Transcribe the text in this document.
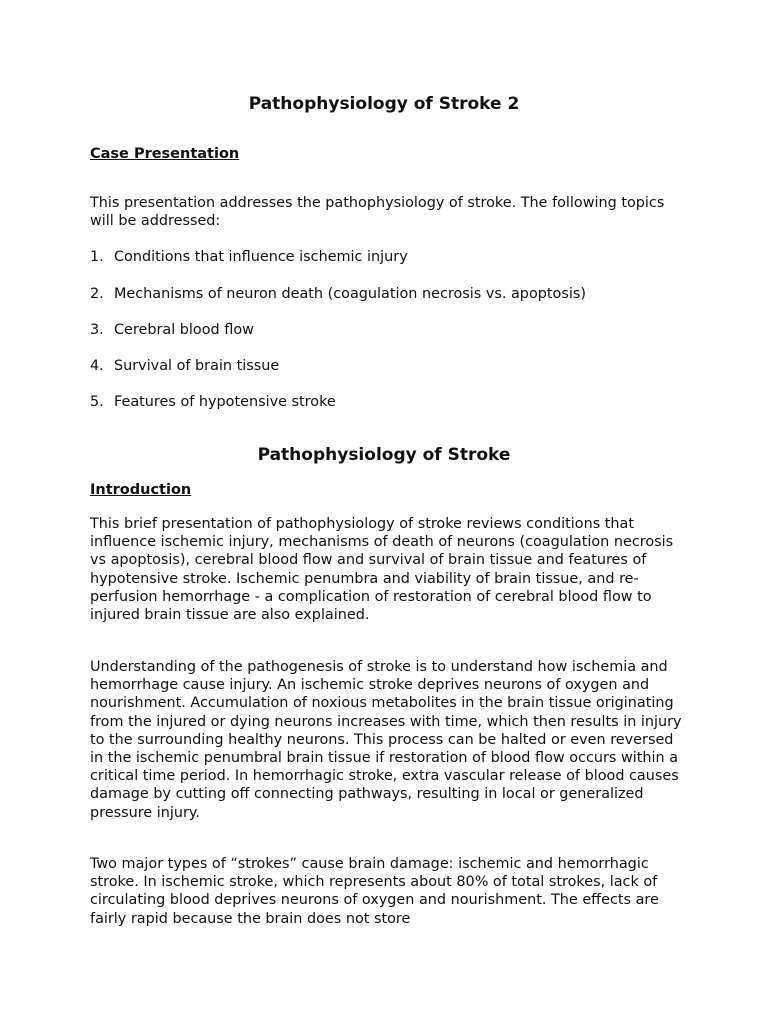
Pathophysiology of Stroke 2
Case Presentation

This presentation addresses the pathophysiology of stroke. The following topics will be addressed:

1. Conditions that influence ischemic injury

2. Mechanisms of neuron death (coagulation necrosis vs. apoptosis)

3. Cerebral blood flow

4. Survival of brain tissue

5. Features of hypotensive stroke

Pathophysiology of Stroke
Introduction

This brief presentation of pathophysiology of stroke reviews conditions that influence ischemic injury, mechanisms of death of neurons (coagulation necrosis vs apoptosis), cerebral blood flow and survival of brain tissue and features of hypotensive stroke. Ischemic penumbra and viability of brain tissue, and re-perfusion hemorrhage - a complication of restoration of cerebral blood flow to injured brain tissue are also explained.

Understanding of the pathogenesis of stroke is to understand how ischemia and hemorrhage cause injury. An ischemic stroke deprives neurons of oxygen and nourishment. Accumulation of noxious metabolites in the brain tissue originating from the injured or dying neurons increases with time, which then results in injury to the surrounding healthy neurons. This process can be halted or even reversed in the ischemic penumbral brain tissue if restoration of blood flow occurs within a critical time period. In hemorrhagic stroke, extra vascular release of blood causes damage by cutting off connecting pathways, resulting in local or generalized pressure injury.

Two major types of “strokes” cause brain damage: ischemic and hemorrhagic stroke. In ischemic stroke, which represents about 80% of total strokes, lack of circulating blood deprives neurons of oxygen and nourishment. The effects are fairly rapid because the brain does not store
